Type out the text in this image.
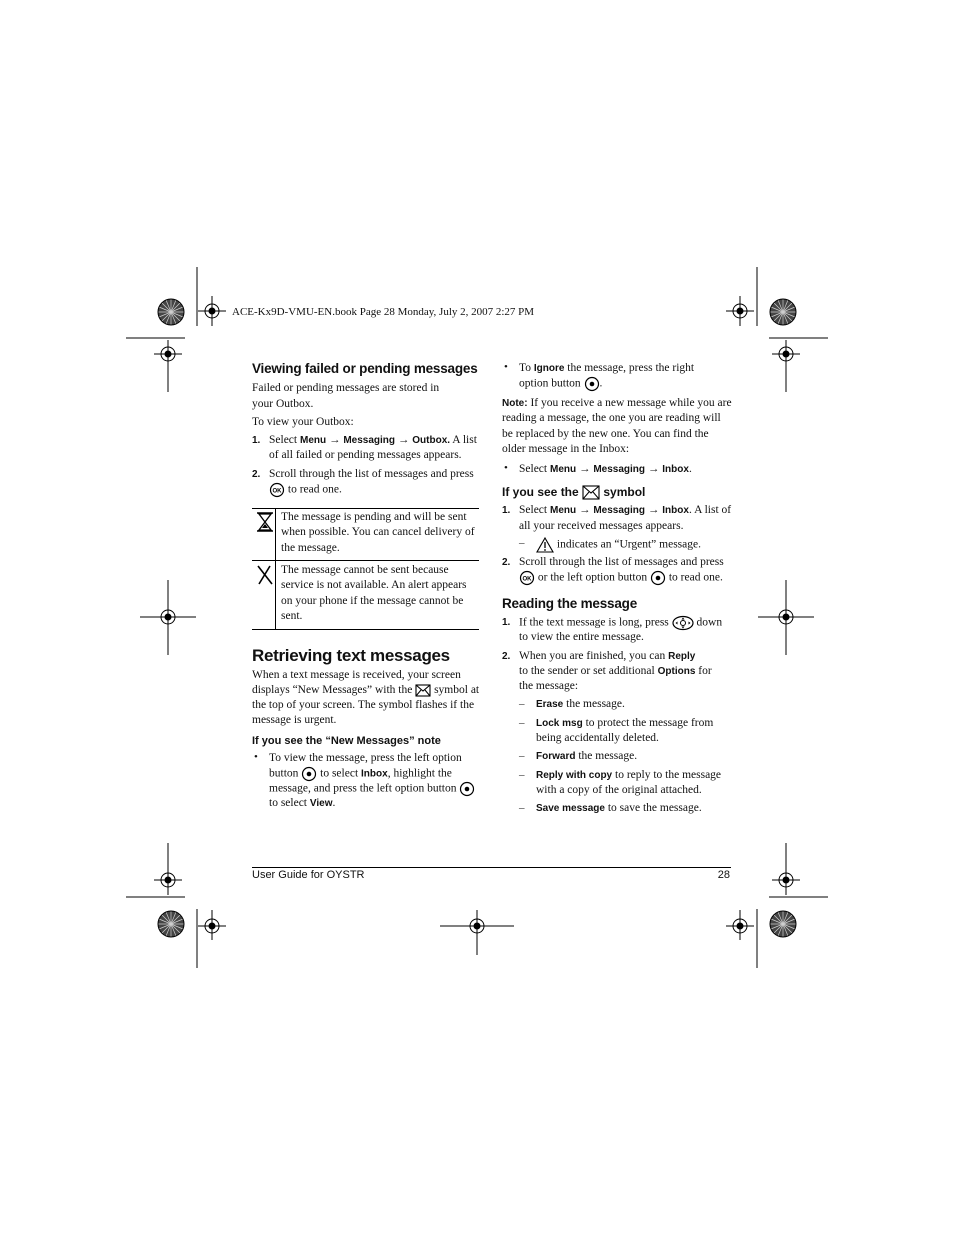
ACE-Kx9D-VMU-EN.book Page 28 Monday, July 2, 2007 2:27 PM
Viewing failed or pending messages
Failed or pending messages are stored in
your Outbox.
To view your Outbox:
1. Select Menu → Messaging → Outbox. A list
of all failed or pending messages appears.
2. Scroll through the list of messages and press
OK to read one.
The message is pending and will be sent
when possible. You can cancel delivery of
the message.
The message cannot be sent because
service is not available. An alert appears
on your phone if the message cannot be
sent.
Retrieving text messages
When a text message is received, your screen
displays “New Messages” with the
symbol at
the top of your screen. The symbol flashes if the
message is urgent.
If you see the “New Messages” note
• To view the message, press the left option
button
to select Inbox, highlight the
message, and press the left option button
to select View.
• To Ignore the message, press the right
option button
.
Note: If you receive a new message while you are
reading a message, the one you are reading will
be replaced by the new one. You can find the
older message in the Inbox:
• Select Menu → Messaging → Inbox.
If you see the
symbol
1. Select Menu → Messaging → Inbox. A list of
all your received messages appears.
–	indicates an “Urgent” message.
2. Scroll through the list of messages and press
OK or the left option button
to read one.
Reading the message
1. If the text message is long, press
down
to view the entire message.
2. When you are finished, you can Reply
to the sender or set additional Options for
the message:
– Erase the message.
– Lock msg to protect the message from
being accidentally deleted.
– Forward the message.
– Reply with copy to reply to the message
with a copy of the original attached.
– Save message to save the message.
User Guide for OYSTR	28
